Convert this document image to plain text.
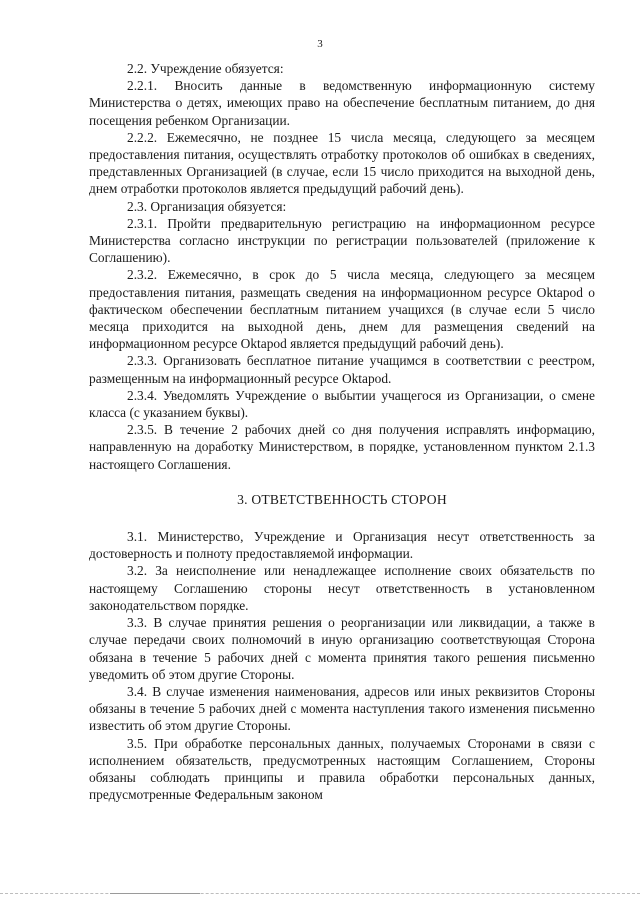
3

2.2. Учреждение обязуется:

2.2.1. Вносить данные в ведомственную информационную систему Министерства о детях, имеющих право на обеспечение бесплатным питанием, до дня посещения ребенком Организации.

2.2.2. Ежемесячно, не позднее 15 числа месяца, следующего за месяцем предоставления питания, осуществлять отработку протоколов об ошибках в сведениях, представленных Организацией (в случае, если 15 число приходится на выходной день, днем отработки протоколов является предыдущий рабочий день).

2.3. Организация обязуется:

2.3.1. Пройти предварительную регистрацию на информационном ресурсе Министерства согласно инструкции по регистрации пользователей (приложение к Соглашению).

2.3.2. Ежемесячно, в срок до 5 числа месяца, следующего за месяцем предоставления питания, размещать сведения на информационном ресурсе Oktapod о фактическом обеспечении бесплатным питанием учащихся (в случае если 5 число месяца приходится на выходной день, днем для размещения сведений на информационном ресурсе Oktapod является предыдущий рабочий день).

2.3.3. Организовать бесплатное питание учащимся в соответствии с реестром, размещенным на информационный ресурсе Oktapod.

2.3.4. Уведомлять Учреждение о выбытии учащегося из Организации, о смене класса (с указанием буквы).

2.3.5. В течение 2 рабочих дней со дня получения исправлять информацию, направленную на доработку Министерством, в порядке, установленном пунктом 2.1.3 настоящего Соглашения.

3. ОТВЕТСТВЕННОСТЬ СТОРОН

3.1. Министерство, Учреждение и Организация несут ответственность за достоверность и полноту предоставляемой информации.

3.2. За неисполнение или ненадлежащее исполнение своих обязательств по настоящему Соглашению стороны несут ответственность в установленном законодательством порядке.

3.3. В случае принятия решения о реорганизации или ликвидации, а также в случае передачи своих полномочий в иную организацию соответствующая Сторона обязана в течение 5 рабочих дней с момента принятия такого решения письменно уведомить об этом другие Стороны.

3.4. В случае изменения наименования, адресов или иных реквизитов Стороны обязаны в течение 5 рабочих дней с момента наступления такого изменения письменно известить об этом другие Стороны.

3.5. При обработке персональных данных, получаемых Сторонами в связи с исполнением обязательств, предусмотренных настоящим Соглашением, Стороны обязаны соблюдать принципы и правила обработки персональных данных, предусмотренные Федеральным законом
